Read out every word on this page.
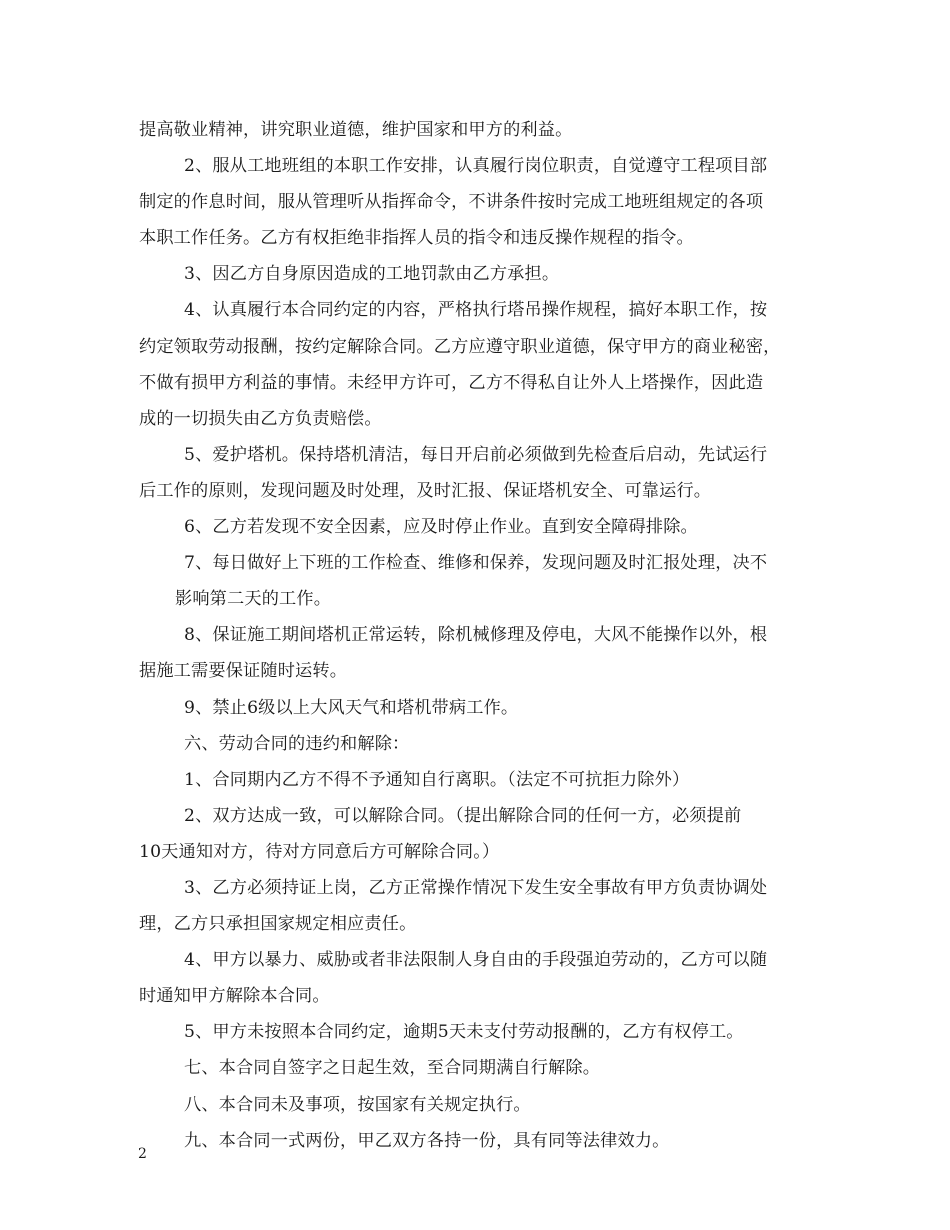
提高敬业精神，讲究职业道德，维护国家和甲方的利益。
2、服从工地班组的本职工作安排，认真履行岗位职责，自觉遵守工程项目部
制定的作息时间，服从管理听从指挥命令，不讲条件按时完成工地班组规定的各项
本职工作任务。乙方有权拒绝非指挥人员的指令和违反操作规程的指令。
3、因乙方自身原因造成的工地罚款由乙方承担。
4、认真履行本合同约定的内容，严格执行塔吊操作规程，搞好本职工作，按
约定领取劳动报酬，按约定解除合同。乙方应遵守职业道德，保守甲方的商业秘密，
不做有损甲方利益的事情。未经甲方许可，乙方不得私自让外人上塔操作，因此造
成的一切损失由乙方负责赔偿。
5、爱护塔机。保持塔机清洁，每日开启前必须做到先检查后启动，先试运行
后工作的原则，发现问题及时处理，及时汇报、保证塔机安全、可靠运行。
6、乙方若发现不安全因素，应及时停止作业。直到安全障碍排除。
7、每日做好上下班的工作检查、维修和保养，发现问题及时汇报处理，决不
影响第二天的工作。
8、保证施工期间塔机正常运转，除机械修理及停电，大风不能操作以外，根
据施工需要保证随时运转。
9、禁止6级以上大风天气和塔机带病工作。
六、劳动合同的违约和解除：
1、合同期内乙方不得不予通知自行离职。（法定不可抗拒力除外）
2、双方达成一致，可以解除合同。（提出解除合同的任何一方，必须提前
10天通知对方，待对方同意后方可解除合同。）
3、乙方必须持证上岗，乙方正常操作情况下发生安全事故有甲方负责协调处
理，乙方只承担国家规定相应责任。
4、甲方以暴力、威胁或者非法限制人身自由的手段强迫劳动的，乙方可以随
时通知甲方解除本合同。
5、甲方未按照本合同约定，逾期5天未支付劳动报酬的，乙方有权停工。
七、本合同自签字之日起生效，至合同期满自行解除。
八、本合同未及事项，按国家有关规定执行。
九、本合同一式两份，甲乙双方各持一份，具有同等法律效力。
2
